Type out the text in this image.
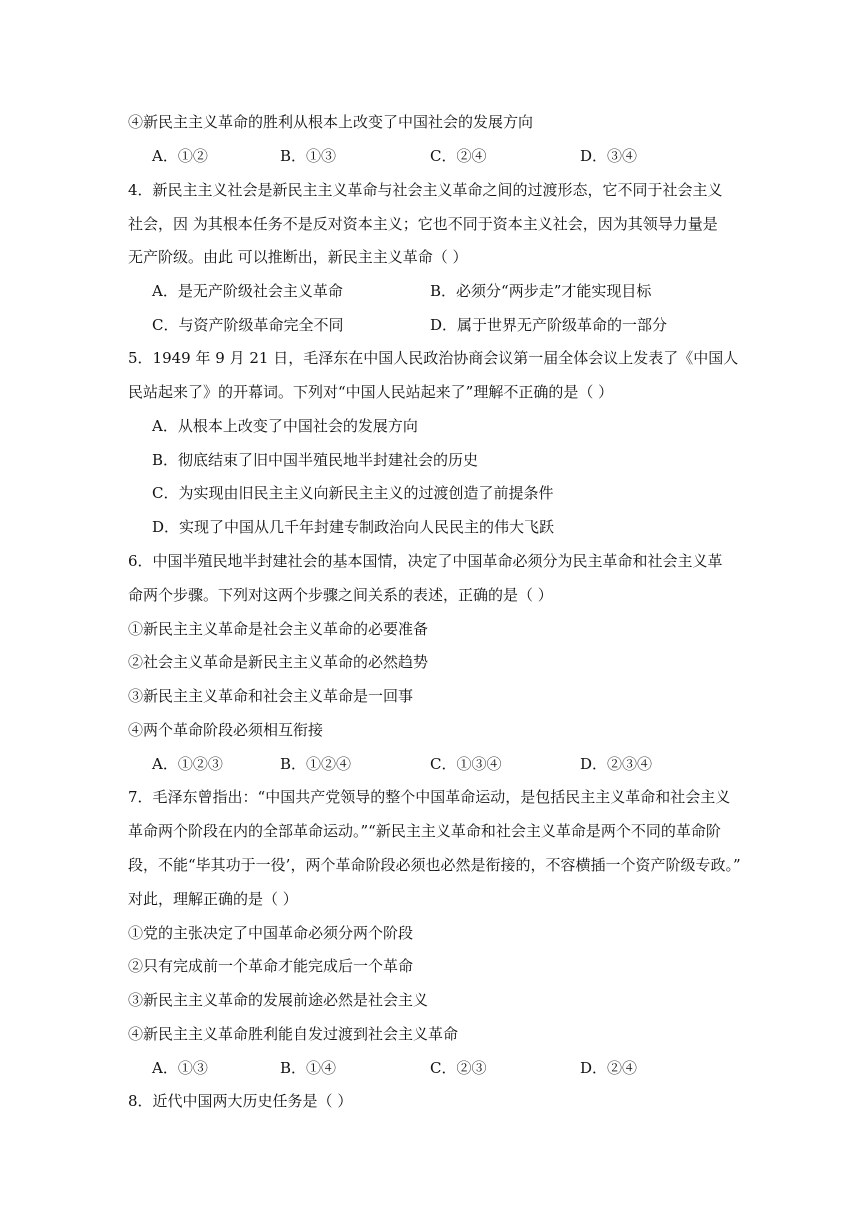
④新民主主义革命的胜利从根本上改变了中国社会的发展方向
A．①②	B．①③	C．②④	D．③④
4．新民主主义社会是新民主主义革命与社会主义革命之间的过渡形态，它不同于社会主义
社会，因 为其根本任务不是反对资本主义；它也不同于资本主义社会，因为其领导力量是
无产阶级。由此 可以推断出，新民主主义革命（ ）
A．是无产阶级社会主义革命	B．必须分“两步走”才能实现目标
C．与资产阶级革命完全不同	D．属于世界无产阶级革命的一部分
5．1949 年 9 月 21 日，毛泽东在中国人民政治协商会议第一届全体会议上发表了《中国人
民站起来了》的开幕词。下列对“中国人民站起来了”理解不正确的是（ ）
A．从根本上改变了中国社会的发展方向
B．彻底结束了旧中国半殖民地半封建社会的历史
C．为实现由旧民主主义向新民主主义的过渡创造了前提条件
D．实现了中国从几千年封建专制政治向人民民主的伟大飞跃
6．中国半殖民地半封建社会的基本国情，决定了中国革命必须分为民主革命和社会主义革
命两个步骤。下列对这两个步骤之间关系的表述，正确的是（ ）
①新民主主义革命是社会主义革命的必要准备
②社会主义革命是新民主主义革命的必然趋势
③新民主主义革命和社会主义革命是一回事
④两个革命阶段必须相互衔接
A．①②③	B．①②④	C．①③④	D．②③④
7．毛泽东曾指出：“中国共产党领导的整个中国革命运动，是包括民主主义革命和社会主义
革命两个阶段在内的全部革命运动。”“新民主主义革命和社会主义革命是两个不同的革命阶
段，不能“毕其功于一役’，两个革命阶段必须也必然是衔接的，不容横插一个资产阶级专政。”
对此，理解正确的是（ ）
①党的主张决定了中国革命必须分两个阶段
②只有完成前一个革命才能完成后一个革命
③新民主主义革命的发展前途必然是社会主义
④新民主主义革命胜利能自发过渡到社会主义革命
A．①③	B．①④	C．②③	D．②④
8．近代中国两大历史任务是（ ）
